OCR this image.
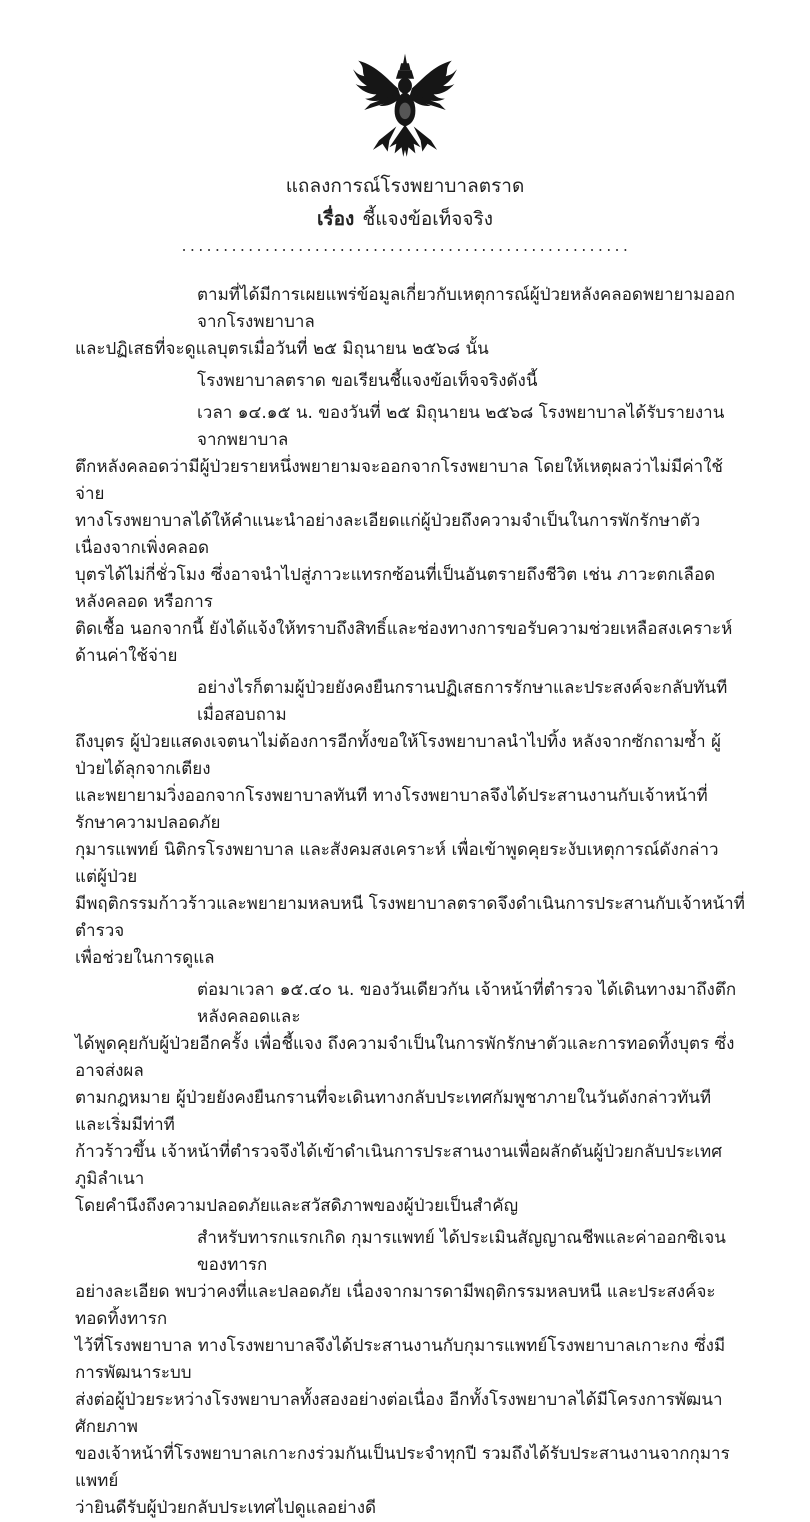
แถลงการณ์โรงพยาบาลตราด
เรื่อง ชี้แจงข้อเท็จจริง
......................................................
ตามที่ได้มีการเผยแพร่ข้อมูลเกี่ยวกับเหตุการณ์ผู้ป่วยหลังคลอดพยายามออกจากโรงพยาบาล
และปฏิเสธที่จะดูแลบุตรเมื่อวันที่ ๒๕ มิถุนายน ๒๕๖๘ นั้น
โรงพยาบาลตราด ขอเรียนชี้แจงข้อเท็จจริงดังนี้
เวลา ๑๔.๑๕ น. ของวันที่ ๒๕ มิถุนายน ๒๕๖๘ โรงพยาบาลได้รับรายงานจากพยาบาล
ตึกหลังคลอดว่ามีผู้ป่วยรายหนึ่งพยายามจะออกจากโรงพยาบาล โดยให้เหตุผลว่าไม่มีค่าใช้จ่าย
ทางโรงพยาบาลได้ให้คำแนะนำอย่างละเอียดแก่ผู้ป่วยถึงความจำเป็นในการพักรักษาตัว เนื่องจากเพิ่งคลอด
บุตรได้ไม่กี่ชั่วโมง ซึ่งอาจนำไปสู่ภาวะแทรกซ้อนที่เป็นอันตรายถึงชีวิต เช่น ภาวะตกเลือดหลังคลอด หรือการ
ติดเชื้อ นอกจากนี้ ยังได้แจ้งให้ทราบถึงสิทธิ์และช่องทางการขอรับความช่วยเหลือสงเคราะห์ด้านค่าใช้จ่าย
อย่างไรก็ตามผู้ป่วยยังคงยืนกรานปฏิเสธการรักษาและประสงค์จะกลับทันที เมื่อสอบถาม
ถึงบุตร ผู้ป่วยแสดงเจตนาไม่ต้องการอีกทั้งขอให้โรงพยาบาลนำไปทิ้ง หลังจากซักถามซ้ำ ผู้ป่วยได้ลุกจากเตียง
และพยายามวิ่งออกจากโรงพยาบาลทันที ทางโรงพยาบาลจึงได้ประสานงานกับเจ้าหน้าที่รักษาความปลอดภัย
กุมารแพทย์ นิติกรโรงพยาบาล และสังคมสงเคราะห์ เพื่อเข้าพูดคุยระงับเหตุการณ์ดังกล่าว แต่ผู้ป่วย
มีพฤติกรรมก้าวร้าวและพยายามหลบหนี โรงพยาบาลตราดจึงดำเนินการประสานกับเจ้าหน้าที่ตำรวจ
เพื่อช่วยในการดูแล
ต่อมาเวลา ๑๕.๔๐ น. ของวันเดียวกัน เจ้าหน้าที่ตำรวจ ได้เดินทางมาถึงตึกหลังคลอดและ
ได้พูดคุยกับผู้ป่วยอีกครั้ง เพื่อชี้แจง ถึงความจำเป็นในการพักรักษาตัวและการทอดทิ้งบุตร ซึ่งอาจส่งผล
ตามกฎหมาย ผู้ป่วยยังคงยืนกรานที่จะเดินทางกลับประเทศกัมพูชาภายในวันดังกล่าวทันที และเริ่มมีท่าที
ก้าวร้าวขึ้น เจ้าหน้าที่ตำรวจจึงได้เข้าดำเนินการประสานงานเพื่อผลักดันผู้ป่วยกลับประเทศภูมิลำเนา
โดยคำนึงถึงความปลอดภัยและสวัสดิภาพของผู้ป่วยเป็นสำคัญ
สำหรับทารกแรกเกิด กุมารแพทย์ ได้ประเมินสัญญาณชีพและค่าออกซิเจนของทารก
อย่างละเอียด พบว่าคงที่และปลอดภัย เนื่องจากมารดามีพฤติกรรมหลบหนี และประสงค์จะทอดทิ้งทารก
ไว้ที่โรงพยาบาล ทางโรงพยาบาลจึงได้ประสานงานกับกุมารแพทย์โรงพยาบาลเกาะกง ซึ่งมีการพัฒนาระบบ
ส่งต่อผู้ป่วยระหว่างโรงพยาบาลทั้งสองอย่างต่อเนื่อง อีกทั้งโรงพยาบาลได้มีโครงการพัฒนาศักยภาพ
ของเจ้าหน้าที่โรงพยาบาลเกาะกงร่วมกันเป็นประจำทุกปี รวมถึงได้รับประสานงานจากกุมารแพทย์
ว่ายินดีรับผู้ป่วยกลับประเทศไปดูแลอย่างดี
